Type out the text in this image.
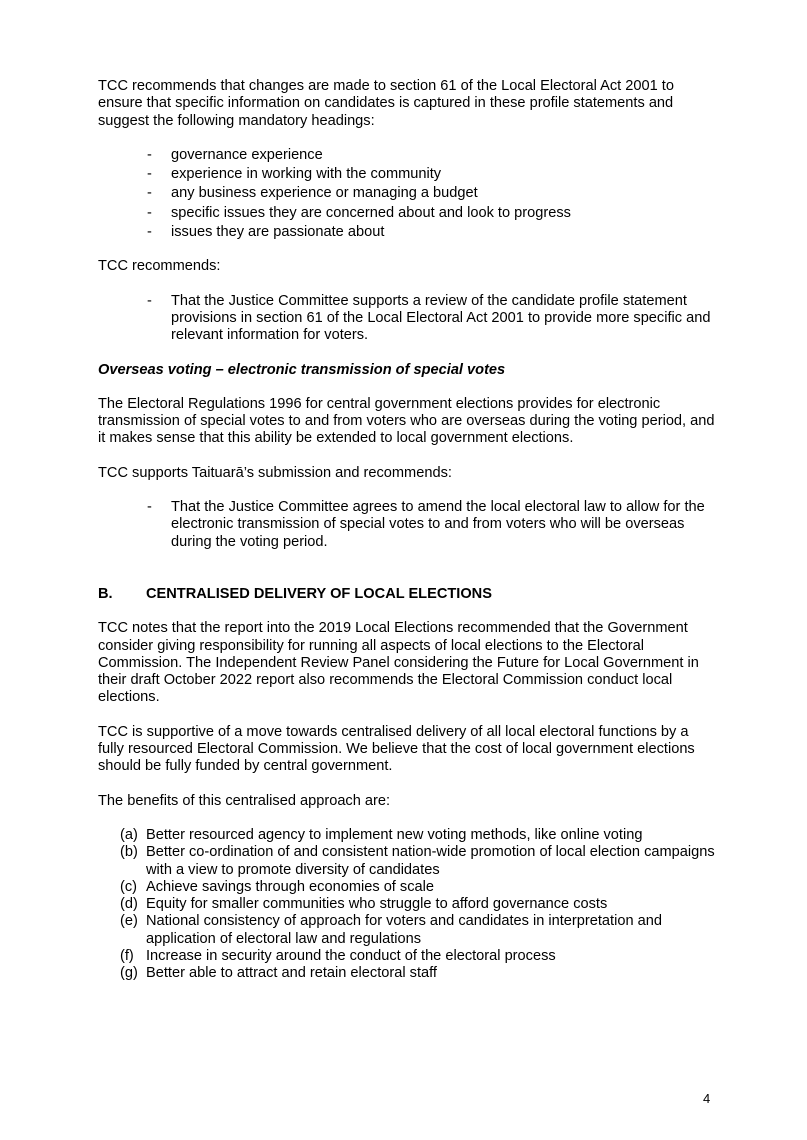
TCC recommends that changes are made to section 61 of the Local Electoral Act 2001 to ensure that specific information on candidates is captured in these profile statements and suggest the following mandatory headings:

- governance experience
- experience in working with the community
- any business experience or managing a budget
- specific issues they are concerned about and look to progress
- issues they are passionate about

TCC recommends:

- That the Justice Committee supports a review of the candidate profile statement provisions in section 61 of the Local Electoral Act 2001 to provide more specific and relevant information for voters.

Overseas voting – electronic transmission of special votes

The Electoral Regulations 1996 for central government elections provides for electronic transmission of special votes to and from voters who are overseas during the voting period, and it makes sense that this ability be extended to local government elections.

TCC supports Taituarā’s submission and recommends:

- That the Justice Committee agrees to amend the local electoral law to allow for the electronic transmission of special votes to and from voters who will be overseas during the voting period.
B.	CENTRALISED DELIVERY OF LOCAL ELECTIONS

TCC notes that the report into the 2019 Local Elections recommended that the Government consider giving responsibility for running all aspects of local elections to the Electoral Commission. The Independent Review Panel considering the Future for Local Government in their draft October 2022 report also recommends the Electoral Commission conduct local elections.

TCC is supportive of a move towards centralised delivery of all local electoral functions by a fully resourced Electoral Commission. We believe that the cost of local government elections should be fully funded by central government.

The benefits of this centralised approach are:

(a) Better resourced agency to implement new voting methods, like online voting
(b) Better co-ordination of and consistent nation-wide promotion of local election campaigns with a view to promote diversity of candidates
(c) Achieve savings through economies of scale
(d) Equity for smaller communities who struggle to afford governance costs
(e) National consistency of approach for voters and candidates in interpretation and application of electoral law and regulations
(f) Increase in security around the conduct of the electoral process
(g) Better able to attract and retain electoral staff
4
